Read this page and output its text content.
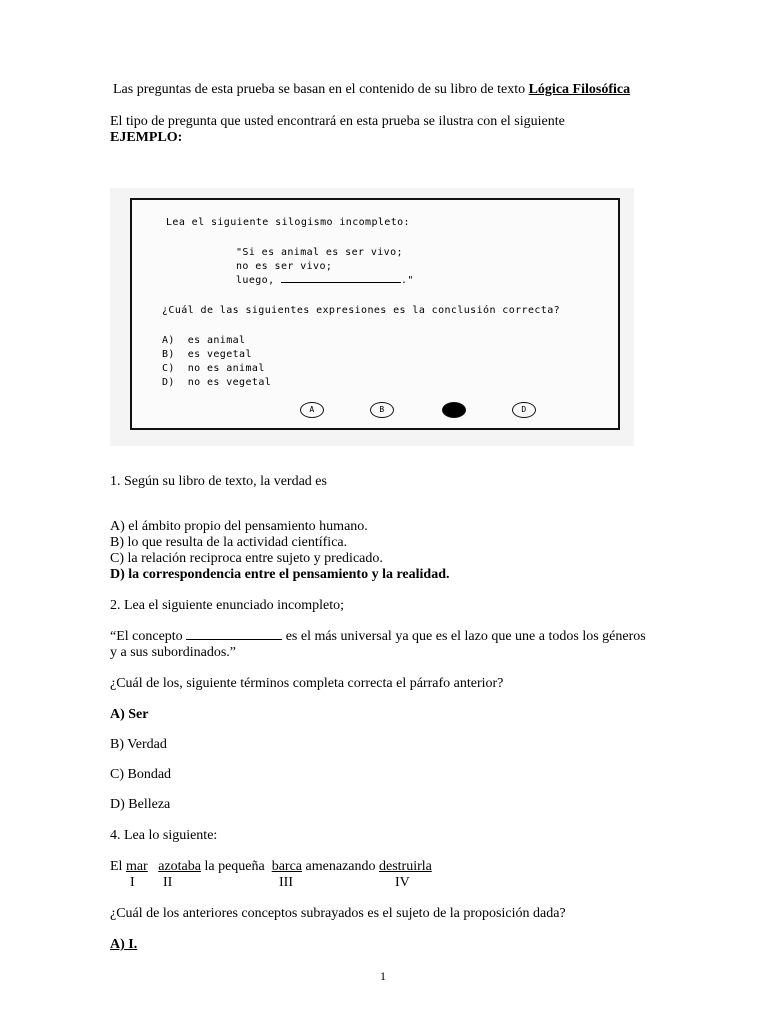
Las preguntas de esta prueba se basan en el contenido de su libro de texto Lógica Filosófica
El tipo de pregunta que usted encontrará en esta prueba se ilustra con el siguiente
EJEMPLO:
Lea el siguiente silogismo incompleto:
"Si es animal es ser vivo;
no es ser vivo;
luego,	."
¿Cuál de las siguientes expresiones es la conclusión correcta?
A) es animal
B) es vegetal
C) no es animal
D) no es vegetal
A	B	D
1. Según su libro de texto, la verdad es
A) el ámbito propio del pensamiento humano.
B) lo que resulta de la actividad científica.
C) la relación reciproca entre sujeto y predicado.
D) la correspondencia entre el pensamiento y la realidad.
2. Lea el siguiente enunciado incompleto;
“El concepto	es el más universal ya que es el lazo que une a todos los géneros
y a sus subordinados.”
¿Cuál de los, siguiente términos completa correcta el párrafo anterior?
A) Ser
B) Verdad
C) Bondad
D) Belleza
4. Lea lo siguiente:
El mar azotaba la pequeña barca amenazando destruirla
I II	III	IV
¿Cuál de los anteriores conceptos subrayados es el sujeto de la proposición dada?
A) I.
1
